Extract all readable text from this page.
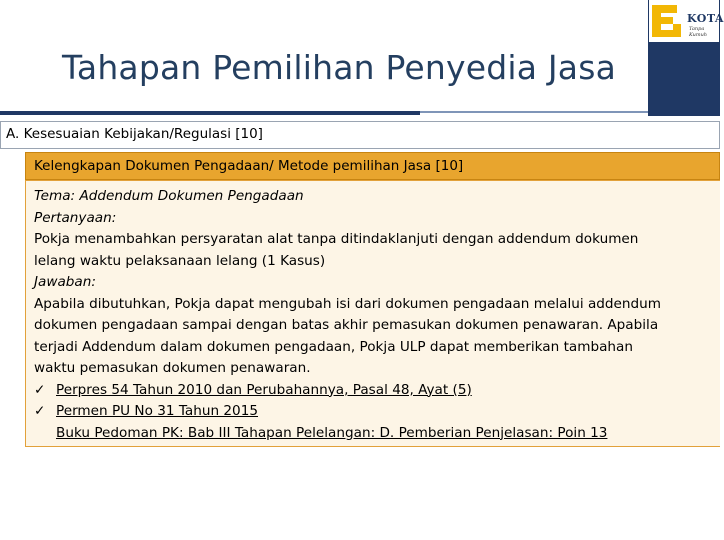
Tahapan Pemilihan Penyedia Jasa
KOTA
Tanpa Kumuh
A. Kesesuaian Kebijakan/Regulasi [10]
Kelengkapan Dokumen Pengadaan/ Metode pemilihan Jasa [10]

Tema: Addendum Dokumen Pengadaan

Pertanyaan:

Pokja menambahkan persyaratan alat tanpa ditindaklanjuti dengan addendum dokumen

lelang waktu pelaksanaan lelang (1 Kasus)

Jawaban:

Apabila dibutuhkan, Pokja dapat mengubah isi dari dokumen pengadaan melalui addendum

dokumen pengadaan sampai dengan batas akhir pemasukan dokumen penawaran. Apabila

terjadi Addendum dalam dokumen pengadaan, Pokja ULP dapat memberikan tambahan

waktu pemasukan dokumen penawaran.

✓ Perpres 54 Tahun 2010 dan Perubahannya, Pasal 48, Ayat (5)

✓ Permen PU No 31 Tahun 2015

Buku Pedoman PK: Bab III Tahapan Pelelangan: D. Pemberian Penjelasan: Poin 13
